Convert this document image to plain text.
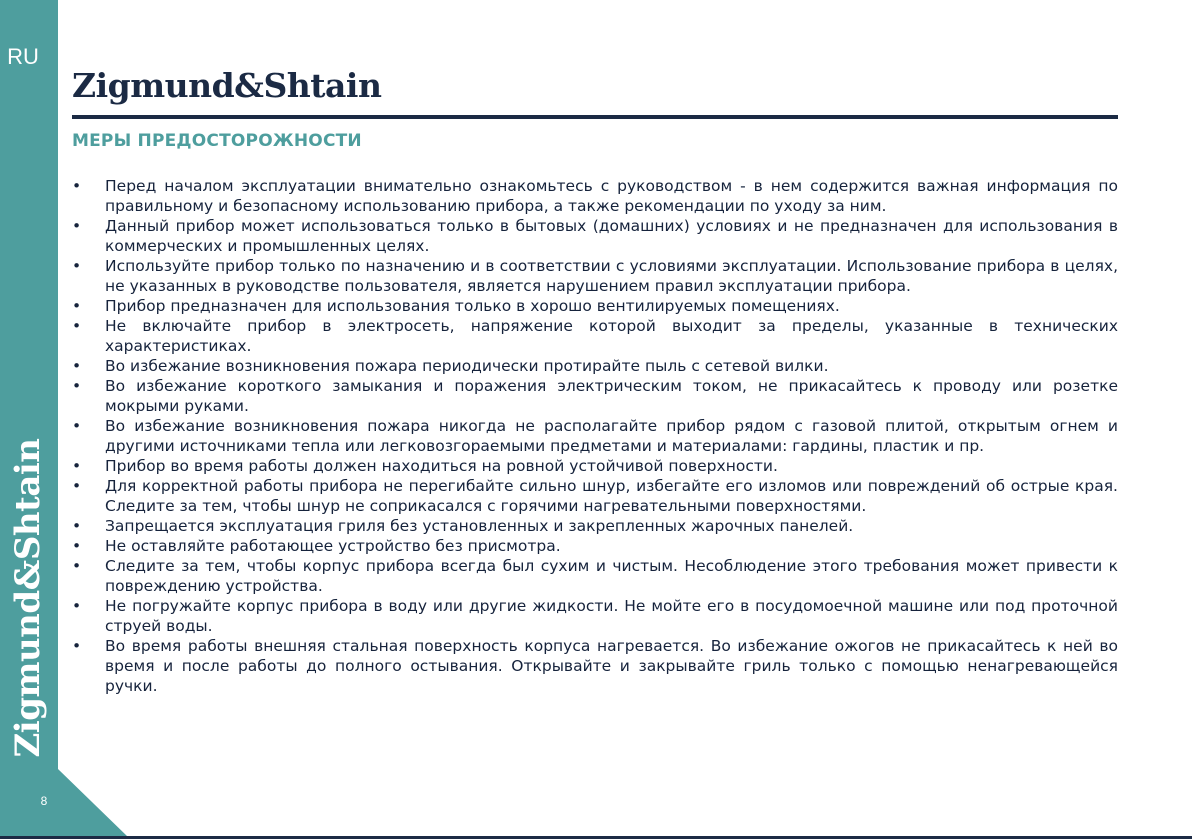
RU
Zigmund&Shtain
8
Zigmund&Shtain
МЕРЫ ПРЕДОСТОРОЖНОСТИ
• Перед началом эксплуатации внимательно ознакомьтесь с руководством - в нем содержится важная информация по правильному и безопасному использованию прибора, а также рекомендации по уходу за ним.
• Данный прибор может использоваться только в бытовых (домашних) условиях и не предназначен для использования в коммерческих и промышленных целях.
• Используйте прибор только по назначению и в соответствии с условиями эксплуатации. Использование прибора в целях, не указанных в руководстве пользователя, является нарушением правил эксплуатации прибора.
• Прибор предназначен для использования только в хорошо вентилируемых помещениях.
• Не включайте прибор в электросеть, напряжение которой выходит за пределы, указанные в технических характеристиках.
• Во избежание возникновения пожара периодически протирайте пыль с сетевой вилки.
• Во избежание короткого замыкания и поражения электрическим током, не прикасайтесь к проводу или розетке мокрыми руками.
• Во избежание возникновения пожара никогда не располагайте прибор рядом с газовой плитой, открытым огнем и другими источниками тепла или легковозгораемыми предметами и материалами: гардины, пластик и пр.
• Прибор во время работы должен находиться на ровной устойчивой поверхности.
• Для корректной работы прибора не перегибайте сильно шнур, избегайте его изломов или повреждений об острые края. Следите за тем, чтобы шнур не соприкасался с горячими нагревательными поверхностями.
• Запрещается эксплуатация гриля без установленных и закрепленных жарочных панелей.
• Не оставляйте работающее устройство без присмотра.
• Следите за тем, чтобы корпус прибора всегда был сухим и чистым. Несоблюдение этого требования может привести к повреждению устройства.
• Не погружайте корпус прибора в воду или другие жидкости. Не мойте его в посудомоечной машине или под проточной струей воды.
• Во время работы внешняя стальная поверхность корпуса нагревается. Во избежание ожогов не прикасайтесь к ней во время и после работы до полного остывания. Открывайте и закрывайте гриль только с помощью ненагревающейся ручки.
